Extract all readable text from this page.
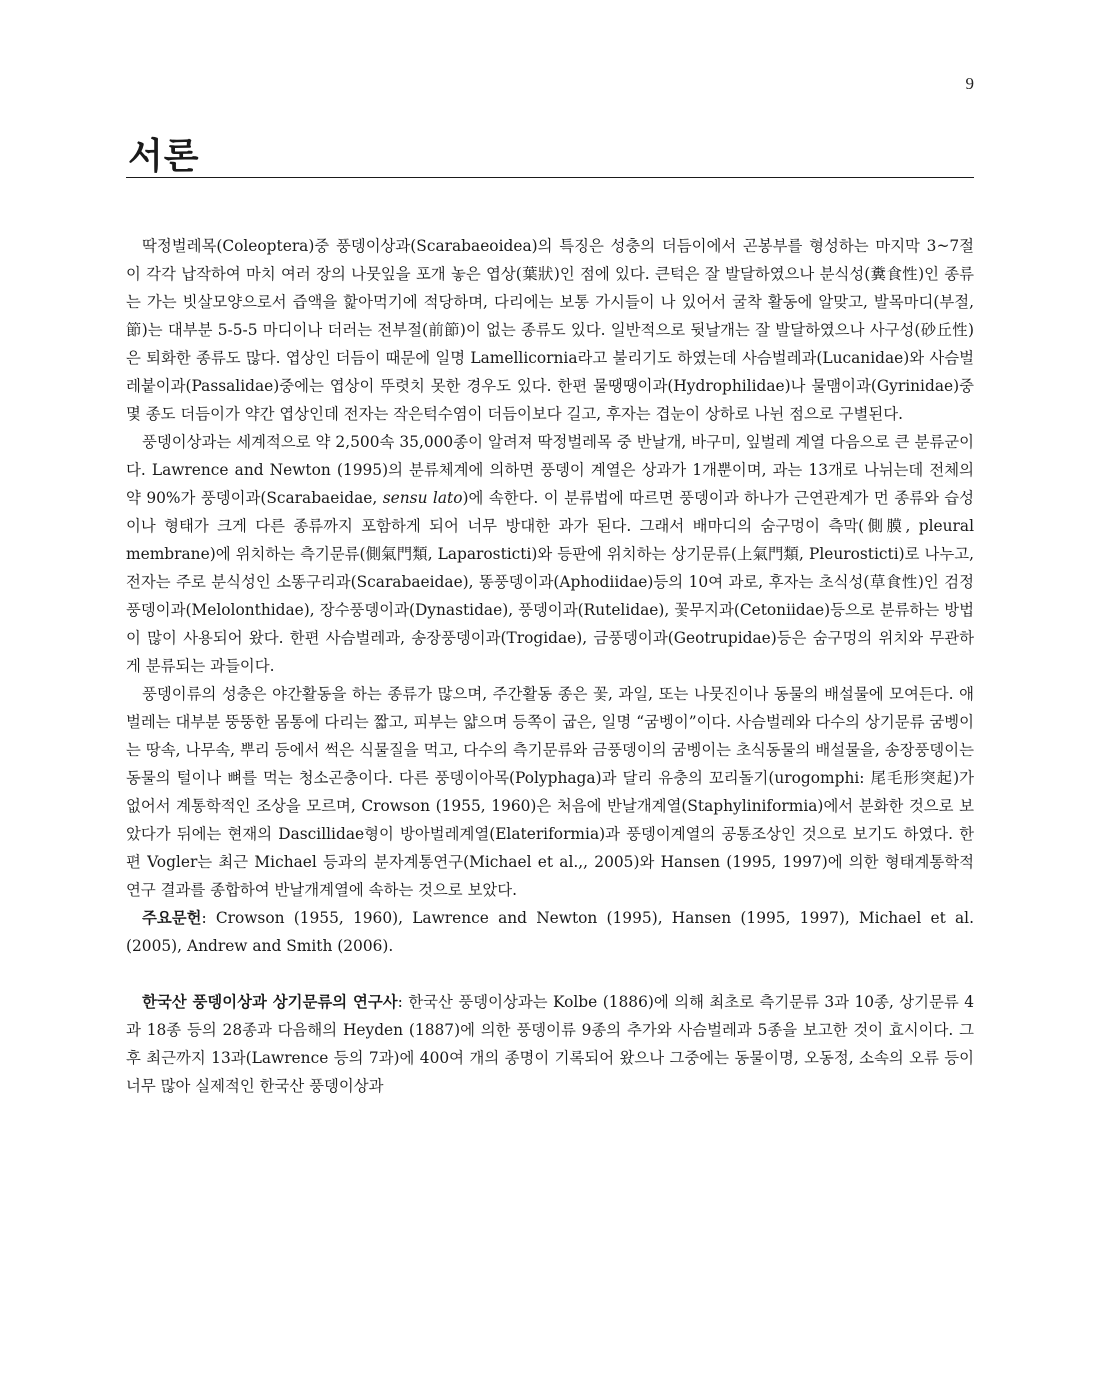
9
서론

딱정벌레목(Coleoptera)중 풍뎅이상과(Scarabaeoidea)의 특징은 성충의 더듬이에서 곤봉부를 형성하는 마지막 3~7절이 각각 납작하여 마치 여러 장의 나뭇잎을 포개 놓은 엽상(葉狀)인 점에 있다. 큰턱은 잘 발달하였으나 분식성(糞食性)인 종류는 가는 빗살모양으로서 즙액을 핥아먹기에 적당하며, 다리에는 보통 가시들이 나 있어서 굴착 활동에 알맞고, 발목마디(부절, 節)는 대부분 5-5-5 마디이나 더러는 전부절(前節)이 없는 종류도 있다. 일반적으로 뒷날개는 잘 발달하였으나 사구성(砂丘性)은 퇴화한 종류도 많다. 엽상인 더듬이 때문에 일명 Lamellicornia라고 불리기도 하였는데 사슴벌레과(Lucanidae)와 사슴벌레붙이과(Passalidae)중에는 엽상이 뚜렷치 못한 경우도 있다. 한편 물땡땡이과(Hydrophilidae)나 물맴이과(Gyrinidae)중 몇 종도 더듬이가 약간 엽상인데 전자는 작은턱수염이 더듬이보다 길고, 후자는 겹눈이 상하로 나뉜 점으로 구별된다.

풍뎅이상과는 세계적으로 약 2,500속 35,000종이 알려져 딱정벌레목 중 반날개, 바구미, 잎벌레 계열 다음으로 큰 분류군이다. Lawrence and Newton (1995)의 분류체계에 의하면 풍뎅이 계열은 상과가 1개뿐이며, 과는 13개로 나뉘는데 전체의 약 90%가 풍뎅이과(Scarabaeidae, sensu lato)에 속한다. 이 분류법에 따르면 풍뎅이과 하나가 근연관계가 먼 종류와 습성이나 형태가 크게 다른 종류까지 포함하게 되어 너무 방대한 과가 된다. 그래서 배마디의 숨구멍이 측막(側膜, pleural membrane)에 위치하는 측기문류(側氣門類, Laparosticti)와 등판에 위치하는 상기문류(上氣門類, Pleurosticti)로 나누고, 전자는 주로 분식성인 소똥구리과(Scarabaeidae), 똥풍뎅이과(Aphodiidae)등의 10여 과로, 후자는 초식성(草食性)인 검정풍뎅이과(Melolonthidae), 장수풍뎅이과(Dynastidae), 풍뎅이과(Rutelidae), 꽃무지과(Cetoniidae)등으로 분류하는 방법이 많이 사용되어 왔다. 한편 사슴벌레과, 송장풍뎅이과(Trogidae), 금풍뎅이과(Geotrupidae)등은 숨구멍의 위치와 무관하게 분류되는 과들이다.

풍뎅이류의 성충은 야간활동을 하는 종류가 많으며, 주간활동 종은 꽃, 과일, 또는 나뭇진이나 동물의 배설물에 모여든다. 애벌레는 대부분 뚱뚱한 몸통에 다리는 짧고, 피부는 얇으며 등쪽이 굽은, 일명 “굼벵이”이다. 사슴벌레와 다수의 상기문류 굼벵이는 땅속, 나무속, 뿌리 등에서 썩은 식물질을 먹고, 다수의 측기문류와 금풍뎅이의 굼벵이는 초식동물의 배설물을, 송장풍뎅이는 동물의 털이나 뼈를 먹는 청소곤충이다. 다른 풍뎅이아목(Polyphaga)과 달리 유충의 꼬리돌기(urogomphi: 尾毛形突起)가 없어서 계통학적인 조상을 모르며, Crowson (1955, 1960)은 처음에 반날개계열(Staphyliniformia)에서 분화한 것으로 보았다가 뒤에는 현재의 Dascillidae형이 방아벌레계열(Elateriformia)과 풍뎅이계열의 공통조상인 것으로 보기도 하였다. 한편 Vogler는 최근 Michael 등과의 분자계통연구(Michael et al.,, 2005)와 Hansen (1995, 1997)에 의한 형태계통학적 연구 결과를 종합하여 반날개계열에 속하는 것으로 보았다.

주요문헌: Crowson (1955, 1960), Lawrence and Newton (1995), Hansen (1995, 1997), Michael et al. (2005), Andrew and Smith (2006).

한국산 풍뎅이상과 상기문류의 연구사: 한국산 풍뎅이상과는 Kolbe (1886)에 의해 최초로 측기문류 3과 10종, 상기문류 4과 18종 등의 28종과 다음해의 Heyden (1887)에 의한 풍뎅이류 9종의 추가와 사슴벌레과 5종을 보고한 것이 효시이다. 그 후 최근까지 13과(Lawrence 등의 7과)에 400여 개의 종명이 기록되어 왔으나 그중에는 동물이명, 오동정, 소속의 오류 등이 너무 많아 실제적인 한국산 풍뎅이상과
